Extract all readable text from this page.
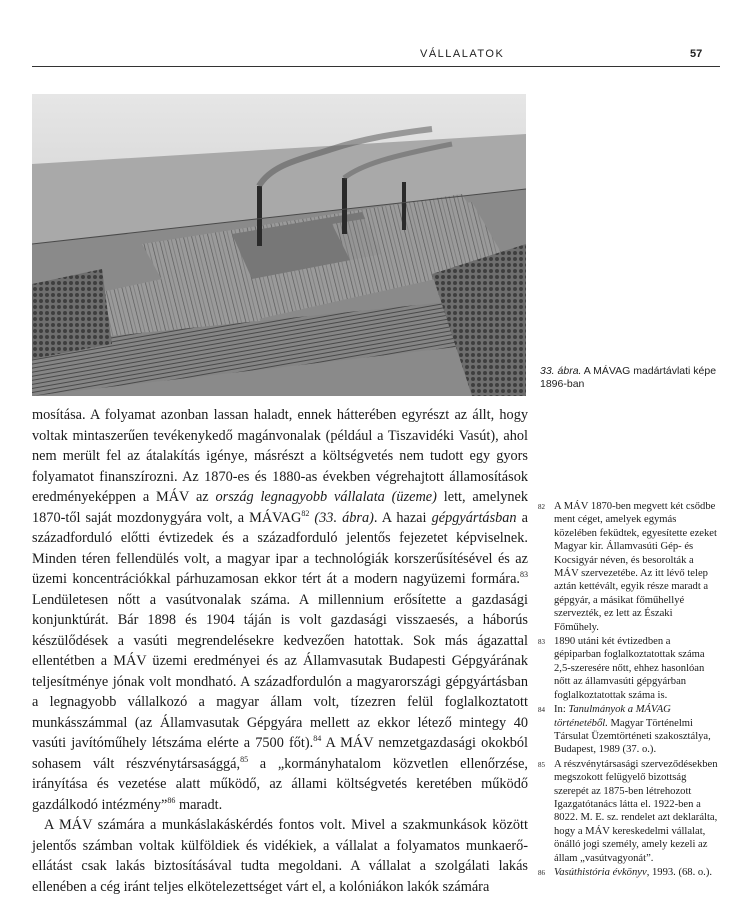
VÁLLALATOK	57
33. ábra. A MÁVAG madártávlati képe 1896-ban

mosítása. A folyamat azonban lassan haladt, ennek hátterében egyrészt az állt, hogy voltak mintaszerűen tevékenykedő magánvonalak (például a Tiszavidéki Vasút), ahol nem merült fel az átalakítás igénye, másrészt a költségvetés nem tudott egy gyors folyamatot finanszírozni. Az 1870-es és 1880-as években végrehajtott államosítások eredményeképpen a MÁV az ország legnagyobb vállalata (üzeme) lett, amelynek 1870-től saját mozdonygyára volt, a MÁVAG$^{82}$ (33. ábra). A hazai gépgyártásban a századforduló előtti évtizedek és a századforduló jelentős fejezetet képviselnek. Minden téren fellendülés volt, a magyar ipar a technológiák korszerűsítésével és az üzemi koncentrációkkal párhuzamosan ekkor tért át a modern nagyüzemi formára.$^{83}$ Lendületesen nőtt a vasútvonalak száma. A millennium erősítette a gazdasági konjunktúrát. Bár 1898 és 1904 táján is volt gazdasági visszaesés, a háborús készülődések a vasúti megrendelésekre kedvezően hatottak. Sok más ágazattal ellentétben a MÁV üzemi eredményei és az Államvasutak Budapesti Gépgyárának teljesítménye jónak volt mondható. A századfordulón a magyarországi gépgyártásban a legnagyobb vállalkozó a magyar állam volt, tízezren felül foglalkoztatott munkásszámmal (az Államvasutak Gépgyára mellett az ekkor létező mintegy 40 vasúti javítóműhely létszáma elérte a 7500 főt).$^{84}$ A MÁV nemzetgazdasági okokból sohasem vált részvénytársasággá,$^{85}$ a „kormányhatalom közvetlen ellenőrzése, irányítása és vezetése alatt működő, az állami költségvetés keretében működő gazdálkodó intézmény”$^{86}$ maradt.

A MÁV számára a munkáslakáskérdés fontos volt. Mivel a szakmunkások között jelentős számban voltak külföldiek és vidékiek, a vállalat a folyamatos munkaerő-ellátást csak lakás biztosításával tudta megoldani. A vállalat a szolgálati lakás ellenében a cég iránt teljes elkötelezettséget várt el, a kolóniákon lakók számára

82 A MÁV 1870-ben megvett két csődbe ment céget, amelyek egymás közelében feküdtek, egyesítette ezeket Magyar kir. Államvasúti Gép- és Kocsigyár néven, és besorolták a MÁV szervezetébe. Az itt lévő telep aztán kettévált, egyik része maradt a gépgyár, a másikat főműhellyé szervezték, ez lett az Északi Főműhely.

83 1890 utáni két évtizedben a gépiparban foglalkoztatottak száma 2,5-szeresére nőtt, ehhez hasonlóan nőtt az államvasúti gépgyárban foglalkoztatottak száma is.

84 In: Tanulmányok a MÁVAG történetéből. Magyar Történelmi Társulat Üzemtörténeti szakosztálya, Budapest, 1989 (37. o.).

85 A részvénytársasági szerveződésekben megszokott felügyelő bizottság szerepét az 1875-ben létrehozott Igazgatótanács látta el. 1922-ben a 8022. M. E. sz. rendelet azt deklarálta, hogy a MÁV kereskedelmi vállalat, önálló jogi személy, amely kezeli az állam „vasútvagyonát”.

86 Vasúthistória évkönyv, 1993. (68. o.).
